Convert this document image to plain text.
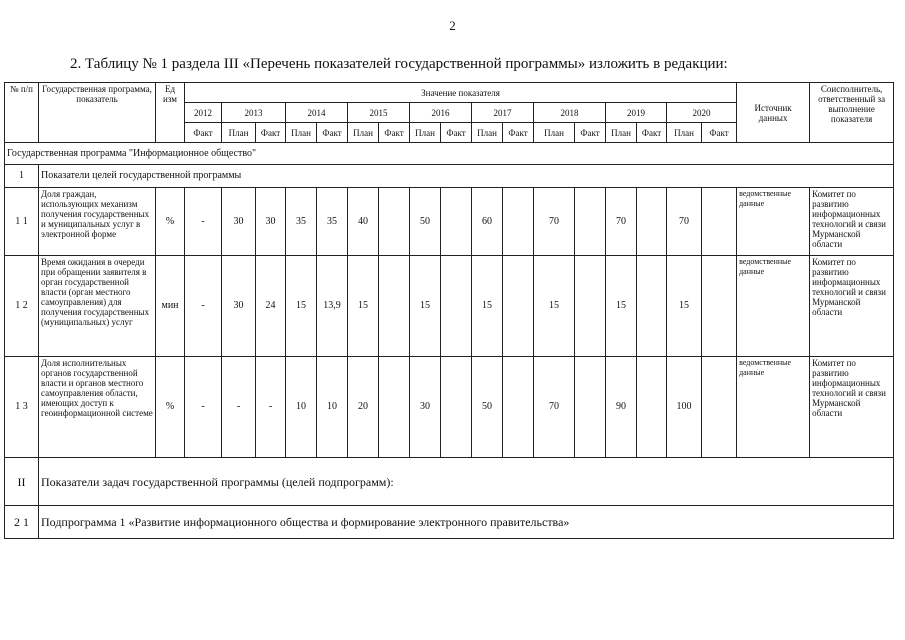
2
2. Таблицу № 1 раздела III «Перечень показателей государственной программы» изложить в редакции:
№ п/п	Государственная программа, показатель	Ед изм	Значение показателя																	Источник данных	Соисполнитель, ответственный за выполнение показателя
			2012	2013		2014		2015		2016		2017		2018		2019		2020			
			Факт	План	Факт	План	Факт	План	Факт	План	Факт	План	Факт	План	Факт	План	Факт	План	Факт		
Государственная программа "Информационное общество"																					
1	Показатели целей государственной программы																				
1 1	Доля граждан, использующих механизм получения государственных и муниципальных услуг в электронной форме	%	-	30	30	35	35	40		50		60		70		70		70		ведомственные данные	Комитет по развитию информационных технологий и связи Мурманской области
1 2	Время ожидания в очереди при обращении заявителя в орган государственной власти (орган местного самоуправления) для получения государственных (муниципальных) услуг	мин	-	30	24	15	13,9	15		15		15		15		15		15		ведомственные данные	Комитет по развитию информационных технологий и связи Мурманской области
1 3	Доля исполнительных органов государственной власти и органов местного самоуправления области, имеющих доступ к геоинформационной системе	%	-	-	-	10	10	20		30		50		70		90		100		ведомственные данные	Комитет по развитию информационных технологий и связи Мурманской области
II	Показатели задач государственной программы (целей подпрограмм):																				
2 1	Подпрограмма 1 «Развитие информационного общества и формирование электронного правительства»																				
